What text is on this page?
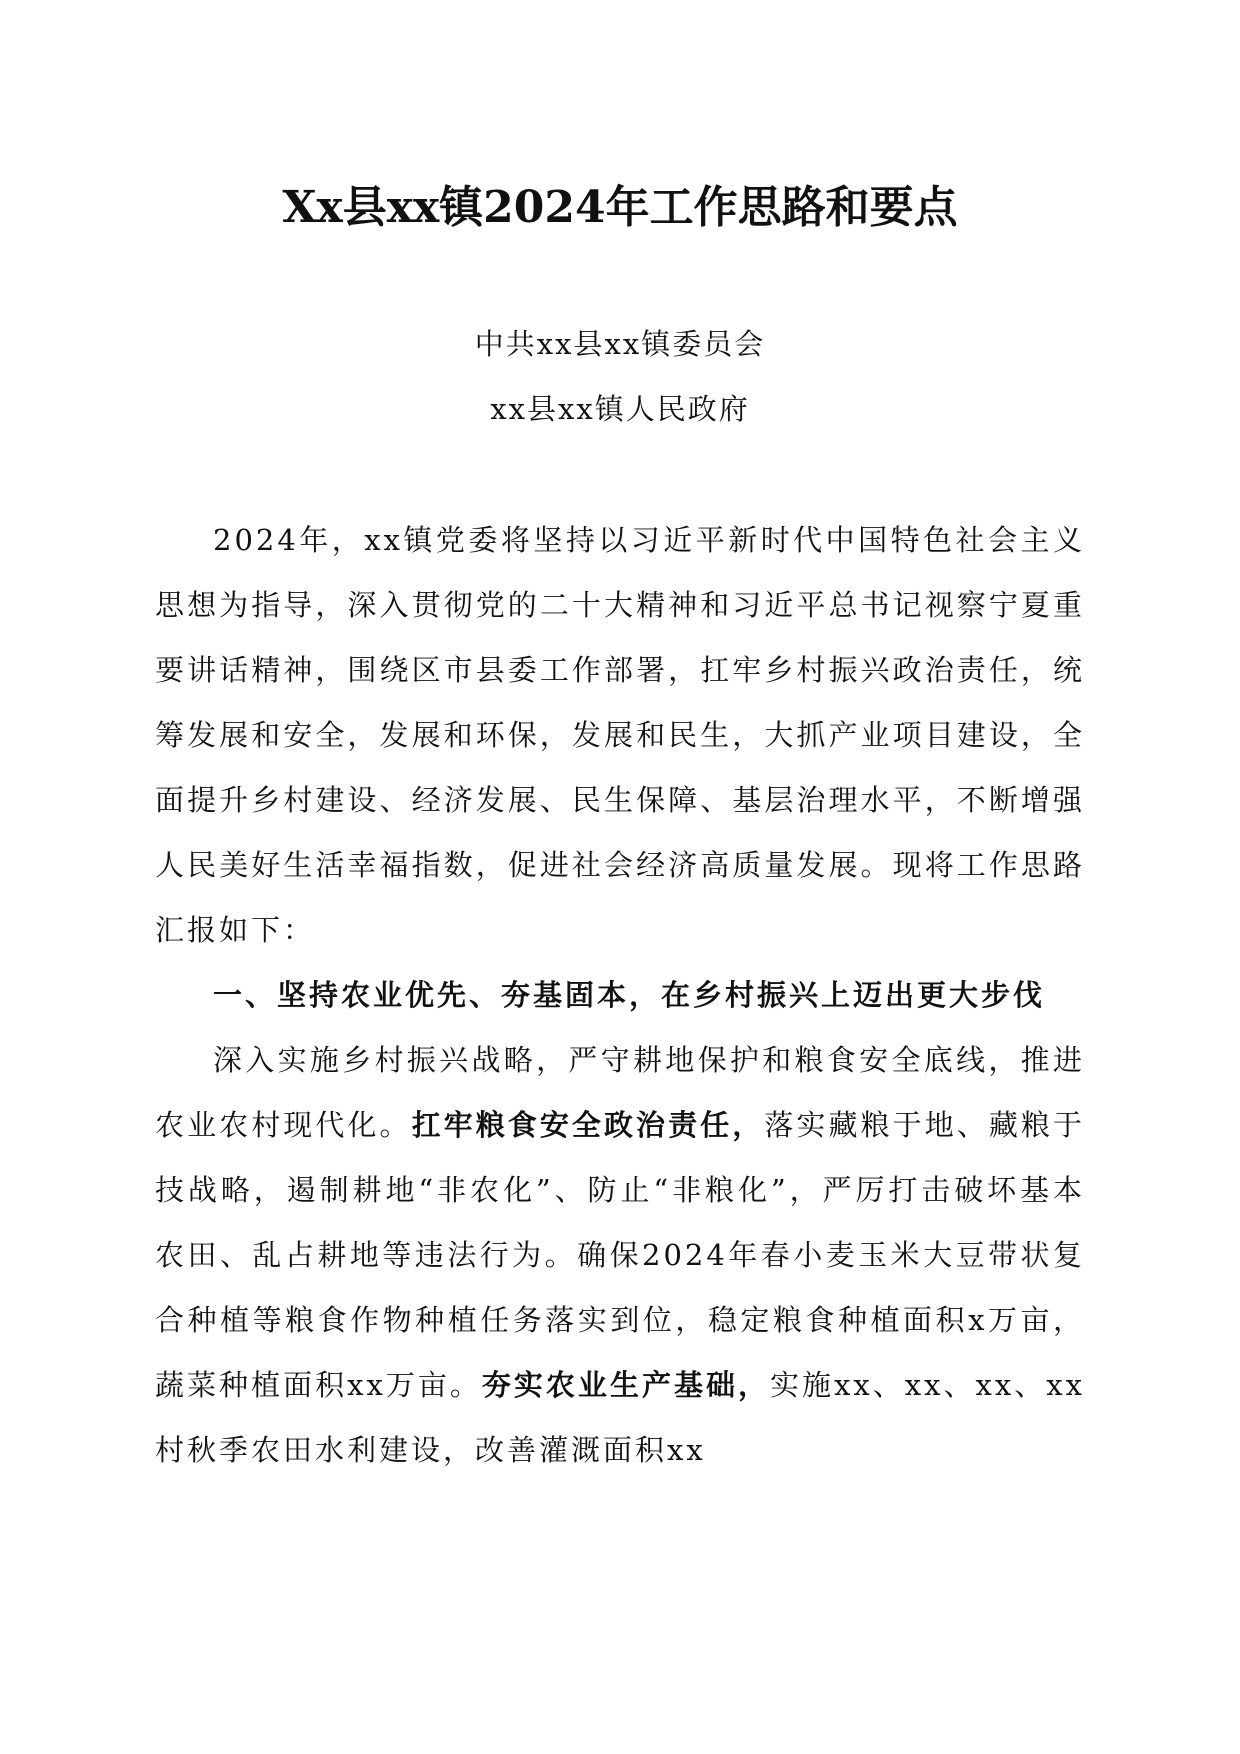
Xx县xx镇2024年工作思路和要点

中共xx县xx镇委员会

xx县xx镇人民政府

2024年，xx镇党委将坚持以习近平新时代中国特色社会主义思想为指导，深入贯彻党的二十大精神和习近平总书记视察宁夏重要讲话精神，围绕区市县委工作部署，扛牢乡村振兴政治责任，统筹发展和安全，发展和环保，发展和民生，大抓产业项目建设，全面提升乡村建设、经济发展、民生保障、基层治理水平，不断增强人民美好生活幸福指数，促进社会经济高质量发展。现将工作思路汇报如下：

一、坚持农业优先、夯基固本，在乡村振兴上迈出更大步伐

深入实施乡村振兴战略，严守耕地保护和粮食安全底线，推进农业农村现代化。扛牢粮食安全政治责任，落实藏粮于地、藏粮于技战略，遏制耕地“非农化”、防止“非粮化”，严厉打击破坏基本农田、乱占耕地等违法行为。确保2024年春小麦玉米大豆带状复合种植等粮食作物种植任务落实到位，稳定粮食种植面积x万亩，蔬菜种植面积xx万亩。夯实农业生产基础，实施xx、xx、xx、xx村秋季农田水利建设，改善灌溉面积xx
